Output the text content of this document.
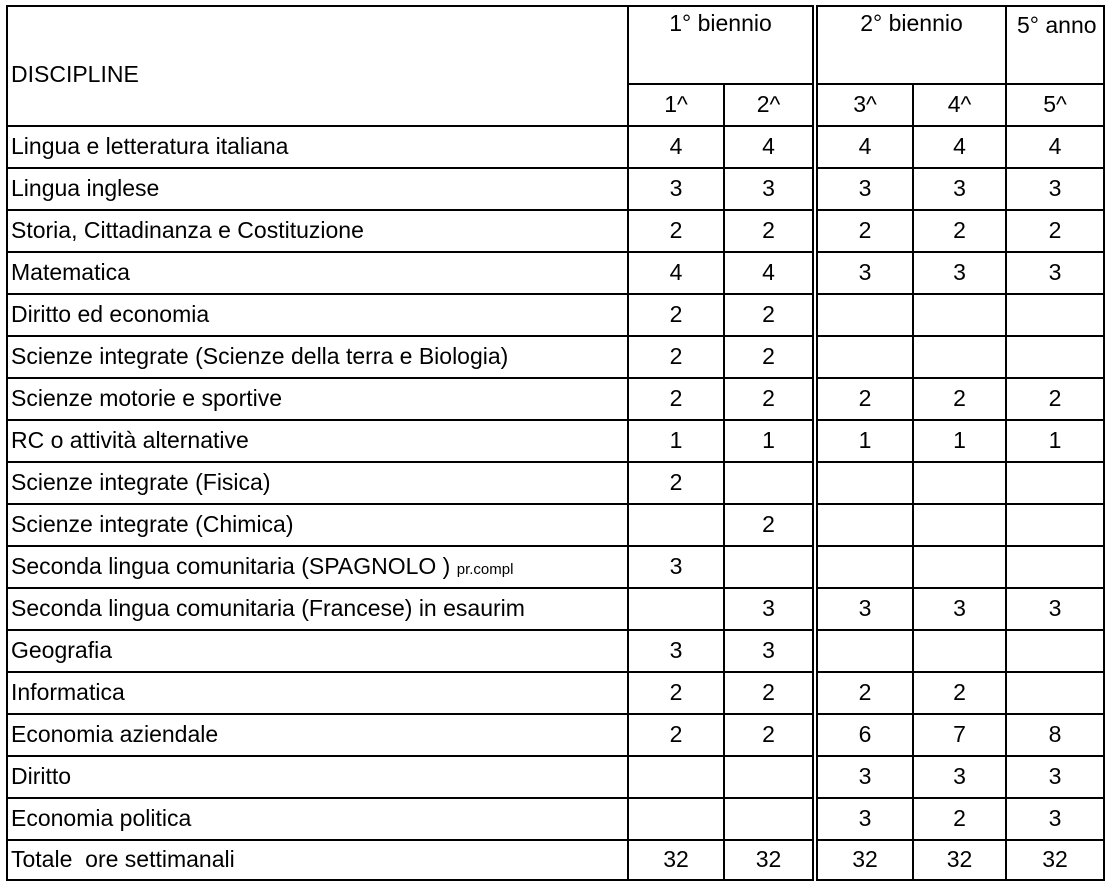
DISCIPLINE	1° biennio		2° biennio		5° anno
	1^	2^	3^	4^	5^
Lingua e letteratura italiana	4	4	4	4	4
Lingua inglese	3	3	3	3	3
Storia, Cittadinanza e Costituzione	2	2	2	2	2
Matematica	4	4	3	3	3
Diritto ed economia	2	2			
Scienze integrate (Scienze della terra e Biologia)	2	2			
Scienze motorie e sportive	2	2	2	2	2
RC o attività alternative	1	1	1	1	1
Scienze integrate (Fisica)	2				
Scienze integrate (Chimica)		2			
Seconda lingua comunitaria (SPAGNOLO ) pr.compl	3				
Seconda lingua comunitaria (Francese) in esaurim		3	3	3	3
Geografia	3	3			
Informatica	2	2	2	2	
Economia aziendale	2	2	6	7	8
Diritto			3	3	3
Economia politica			3	2	3
Totale  ore settimanali	32	32	32	32	32
